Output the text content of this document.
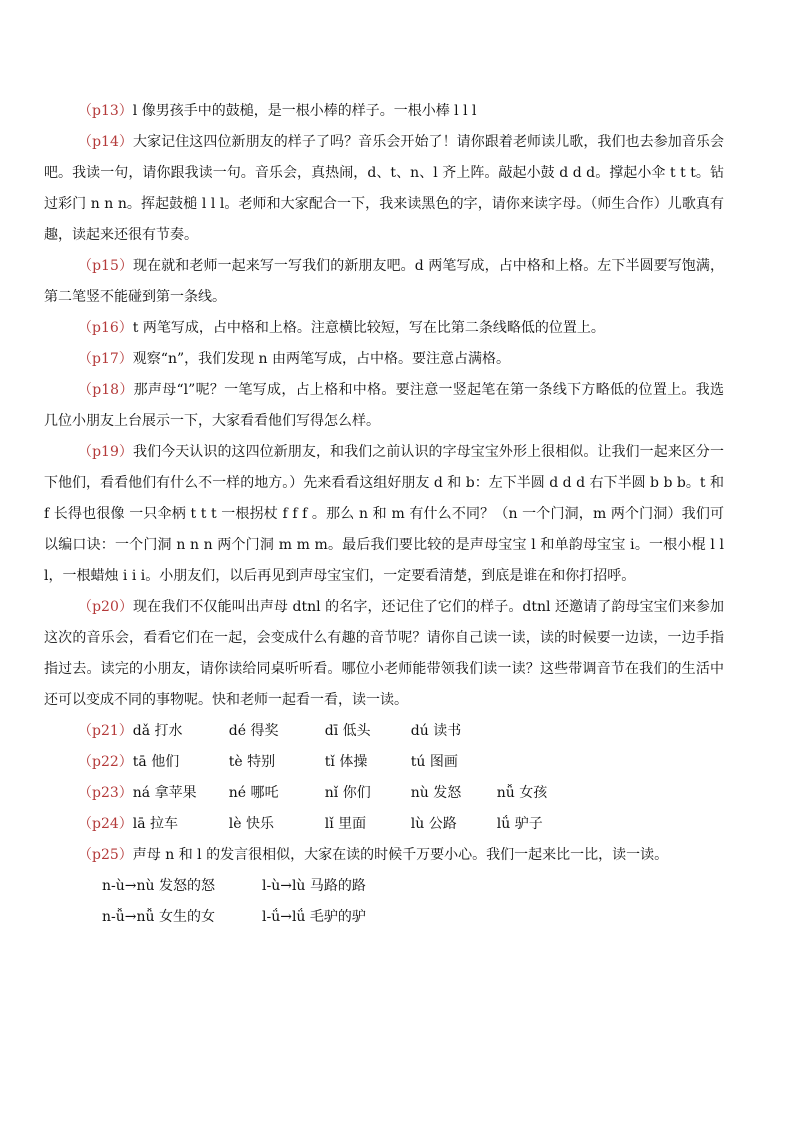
（p13）l 像男孩手中的鼓槌，是一根小棒的样子。一根小棒 l l l

（p14）大家记住这四位新朋友的样子了吗？音乐会开始了！请你跟着老师读儿歌，我们也去参加音乐会吧。我读一句，请你跟我读一句。音乐会，真热闹，d、t、n、l 齐上阵。敲起小鼓 d d d。撑起小伞 t t t。钻过彩门 n n n。挥起鼓槌 l l l。老师和大家配合一下，我来读黑色的字，请你来读字母。（师生合作）儿歌真有趣，读起来还很有节奏。

（p15）现在就和老师一起来写一写我们的新朋友吧。d 两笔写成，占中格和上格。左下半圆要写饱满，第二笔竖不能碰到第一条线。

（p16）t 两笔写成，占中格和上格。注意横比较短，写在比第二条线略低的位置上。

（p17）观察“n”，我们发现 n 由两笔写成，占中格。要注意占满格。

（p18）那声母“l”呢？一笔写成，占上格和中格。要注意一竖起笔在第一条线下方略低的位置上。我选几位小朋友上台展示一下，大家看看他们写得怎么样。

（p19）我们今天认识的这四位新朋友，和我们之前认识的字母宝宝外形上很相似。让我们一起来区分一下他们，看看他们有什么不一样的地方。）先来看看这组好朋友 d 和 b：左下半圆 d d d 右下半圆 b b b。t 和 f 长得也很像 一只伞柄 t t t 一根拐杖 f f f 。那么 n 和 m 有什么不同？（n 一个门洞，m 两个门洞）我们可以编口诀：一个门洞 n n n 两个门洞 m m m。最后我们要比较的是声母宝宝 l 和单韵母宝宝 i。一根小棍 l l l，一根蜡烛 i i i。小朋友们，以后再见到声母宝宝们，一定要看清楚，到底是谁在和你打招呼。

（p20）现在我们不仅能叫出声母 dtnl 的名字，还记住了它们的样子。dtnl 还邀请了韵母宝宝们来参加这次的音乐会，看看它们在一起，会变成什么有趣的音节呢？请你自己读一读，读的时候要一边读，一边手指指过去。读完的小朋友，请你读给同桌听听看。哪位小老师能带领我们读一读？这些带调音节在我们的生活中还可以变成不同的事物呢。快和老师一起看一看，读一读。

（p21）dǎ 打水	dé 得奖	dī 低头	dú 读书

（p22）tā 他们	tè 特别	tǐ 体操	tú 图画

（p23）ná 拿苹果 né 哪吒	nǐ 你们	nù 发怒	nǚ 女孩

（p24）lā 拉车	lè 快乐	lǐ 里面	lù 公路	lǘ 驴子

（p25）声母 n 和 l 的发言很相似，大家在读的时候千万要小心。我们一起来比一比，读一读。

n-ù→nù 发怒的怒	l-ù→lù 马路的路

n-ǚ→nǚ 女生的女	l-ǘ→lǘ 毛驴的驴
